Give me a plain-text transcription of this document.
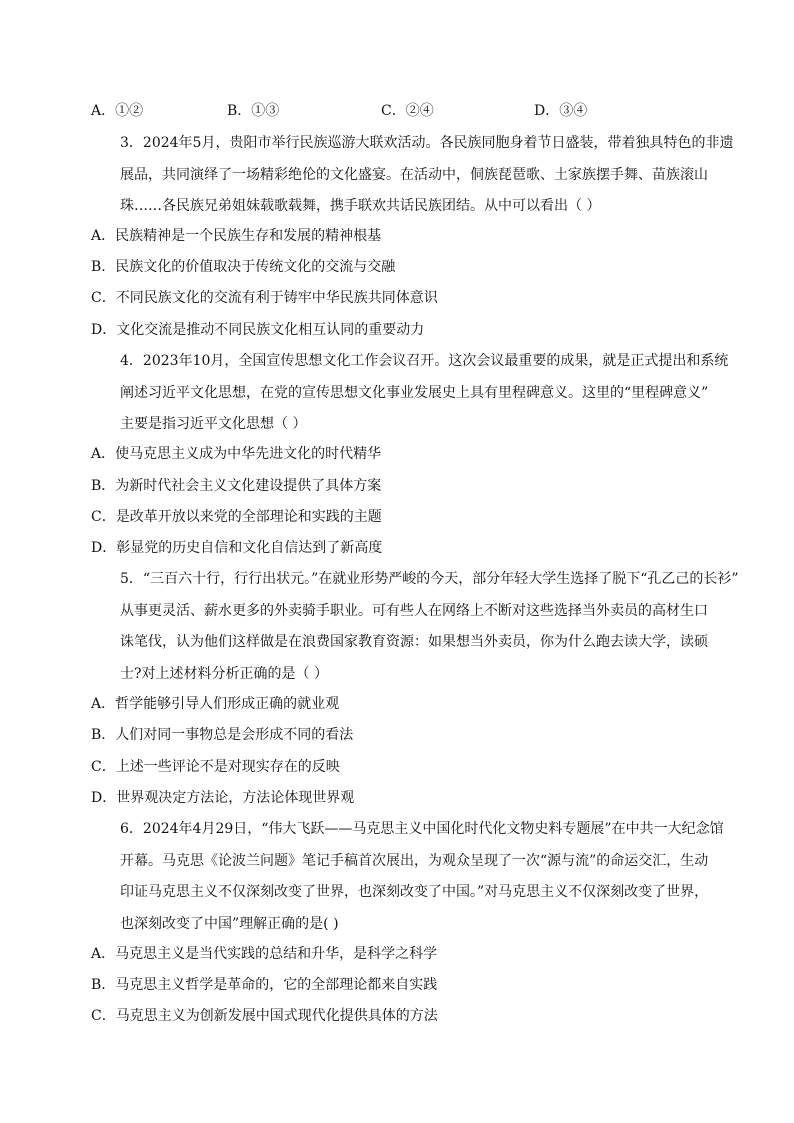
A．①②	B．①③	C．②④	D．③④
3．2024年5月，贵阳市举行民族巡游大联欢活动。各民族同胞身着节日盛装，带着独具特色的非遗
展品，共同演绎了一场精彩绝伦的文化盛宴。在活动中，侗族琵琶歌、土家族摆手舞、苗族滚山
珠……各民族兄弟姐妹载歌载舞，携手联欢共话民族团结。从中可以看出（ ）
A．民族精神是一个民族生存和发展的精神根基
B．民族文化的价值取决于传统文化的交流与交融
C．不同民族文化的交流有利于铸牢中华民族共同体意识
D．文化交流是推动不同民族文化相互认同的重要动力
4．2023年10月，全国宣传思想文化工作会议召开。这次会议最重要的成果，就是正式提出和系统
阐述习近平文化思想，在党的宣传思想文化事业发展史上具有里程碑意义。这里的“里程碑意义”
主要是指习近平文化思想（ ）
A．使马克思主义成为中华先进文化的时代精华
B．为新时代社会主义文化建设提供了具体方案
C．是改革开放以来党的全部理论和实践的主题
D．彰显党的历史自信和文化自信达到了新高度
5．“三百六十行，行行出状元。”在就业形势严峻的今天，部分年轻大学生选择了脱下“孔乙己的长衫”
从事更灵活、薪水更多的外卖骑手职业。可有些人在网络上不断对这些选择当外卖员的高材生口
诛笔伐，认为他们这样做是在浪费国家教育资源：如果想当外卖员，你为什么跑去读大学，读硕
士?对上述材料分析正确的是（ ）
A．哲学能够引导人们形成正确的就业观
B．人们对同一事物总是会形成不同的看法
C．上述一些评论不是对现实存在的反映
D．世界观决定方法论，方法论体现世界观
6．2024年4月29日，“伟大飞跃——马克思主义中国化时代化文物史料专题展”在中共一大纪念馆
开幕。马克思《论波兰问题》笔记手稿首次展出，为观众呈现了一次“源与流”的命运交汇，生动
印证马克思主义不仅深刻改变了世界，也深刻改变了中国。”对马克思主义不仅深刻改变了世界，
也深刻改变了中国”理解正确的是( )
A．马克思主义是当代实践的总结和升华，是科学之科学
B．马克思主义哲学是革命的，它的全部理论都来自实践
C．马克思主义为创新发展中国式现代化提供具体的方法
